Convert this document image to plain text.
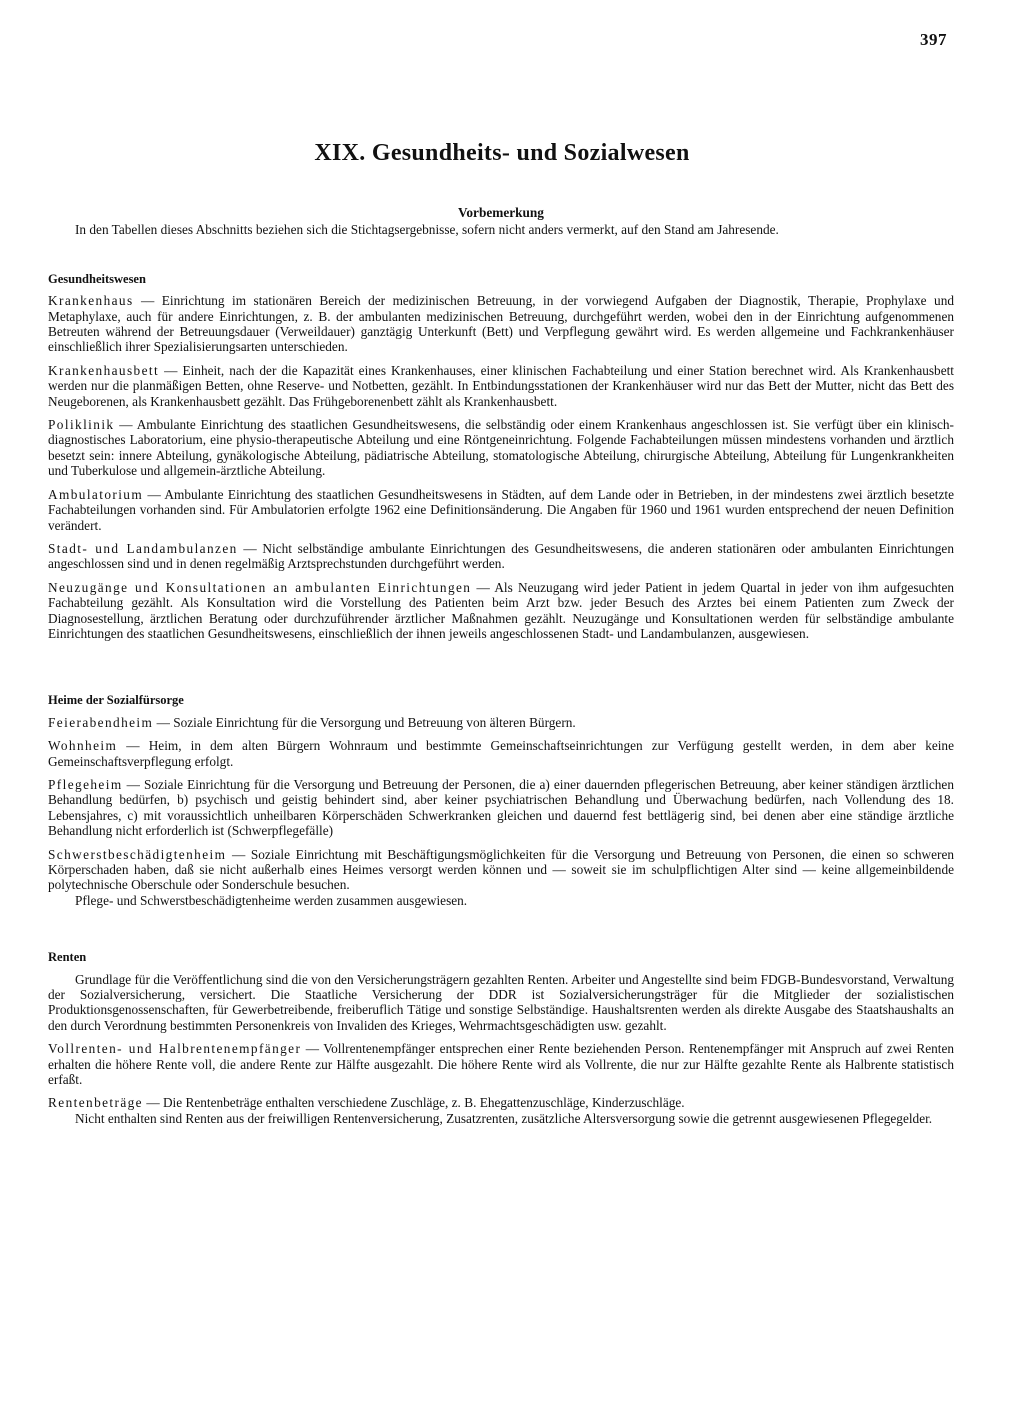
397
XIX. Gesundheits- und Sozialwesen

Vorbemerkung

In den Tabellen dieses Abschnitts beziehen sich die Stichtagsergebnisse, sofern nicht anders vermerkt, auf den Stand am Jahresende.

Gesundheitswesen

Krankenhaus — Einrichtung im stationären Bereich der medizinischen Betreuung, in der vorwiegend Aufgaben der Diagnostik, Therapie, Prophylaxe und Metaphylaxe, auch für andere Einrichtungen, z. B. der ambulanten medizinischen Betreuung, durchgeführt werden, wobei den in der Einrichtung aufgenommenen Betreuten während der Betreuungsdauer (Verweildauer) ganztägig Unterkunft (Bett) und Verpflegung gewährt wird. Es werden allgemeine und Fachkrankenhäuser einschließlich ihrer Spezialisierungsarten unterschieden.

Krankenhausbett — Einheit, nach der die Kapazität eines Krankenhauses, einer klinischen Fachabteilung und einer Station berechnet wird. Als Krankenhausbett werden nur die planmäßigen Betten, ohne Reserve- und Notbetten, gezählt. In Entbindungsstationen der Krankenhäuser wird nur das Bett der Mutter, nicht das Bett des Neugeborenen, als Krankenhausbett gezählt. Das Frühgeborenenbett zählt als Krankenhausbett.

Poliklinik — Ambulante Einrichtung des staatlichen Gesundheitswesens, die selbständig oder einem Krankenhaus angeschlossen ist. Sie verfügt über ein klinisch-diagnostisches Laboratorium, eine physio-therapeutische Abteilung und eine Röntgeneinrichtung. Folgende Fachabteilungen müssen mindestens vorhanden und ärztlich besetzt sein: innere Abteilung, gynäkologische Abteilung, pädiatrische Abteilung, stomatologische Abteilung, chirurgische Abteilung, Abteilung für Lungenkrankheiten und Tuberkulose und allgemein-ärztliche Abteilung.

Ambulatorium — Ambulante Einrichtung des staatlichen Gesundheitswesens in Städten, auf dem Lande oder in Betrieben, in der mindestens zwei ärztlich besetzte Fachabteilungen vorhanden sind. Für Ambulatorien erfolgte 1962 eine Definitionsänderung. Die Angaben für 1960 und 1961 wurden entsprechend der neuen Definition verändert.

Stadt- und Landambulanzen — Nicht selbständige ambulante Einrichtungen des Gesundheitswesens, die anderen stationären oder ambulanten Einrichtungen angeschlossen sind und in denen regelmäßig Arztsprechstunden durchgeführt werden.

Neuzugänge und Konsultationen an ambulanten Einrichtungen — Als Neuzugang wird jeder Patient in jedem Quartal in jeder von ihm aufgesuchten Fachabteilung gezählt. Als Konsultation wird die Vorstellung des Patienten beim Arzt bzw. jeder Besuch des Arztes bei einem Patienten zum Zweck der Diagnosestellung, ärztlichen Beratung oder durchzuführender ärztlicher Maßnahmen gezählt. Neuzugänge und Konsultationen werden für selbständige ambulante Einrichtungen des staatlichen Gesundheitswesens, einschließlich der ihnen jeweils angeschlossenen Stadt- und Landambulanzen, ausgewiesen.

Heime der Sozialfürsorge

Feierabendheim — Soziale Einrichtung für die Versorgung und Betreuung von älteren Bürgern.

Wohnheim — Heim, in dem alten Bürgern Wohnraum und bestimmte Gemeinschaftseinrichtungen zur Verfügung gestellt werden, in dem aber keine Gemeinschaftsverpflegung erfolgt.

Pflegeheim — Soziale Einrichtung für die Versorgung und Betreuung der Personen, die a) einer dauernden pflegerischen Betreuung, aber keiner ständigen ärztlichen Behandlung bedürfen, b) psychisch und geistig behindert sind, aber keiner psychiatrischen Behandlung und Überwachung bedürfen, nach Vollendung des 18. Lebensjahres, c) mit voraussichtlich unheilbaren Körperschäden Schwerkranken gleichen und dauernd fest bettlägerig sind, bei denen aber eine ständige ärztliche Behandlung nicht erforderlich ist (Schwerpflegefälle)

Schwerstbeschädigtenheim — Soziale Einrichtung mit Beschäftigungsmöglichkeiten für die Versorgung und Betreuung von Personen, die einen so schweren Körperschaden haben, daß sie nicht außerhalb eines Heimes versorgt werden können und — soweit sie im schulpflichtigen Alter sind — keine allgemeinbildende polytechnische Oberschule oder Sonderschule besuchen.

Pflege- und Schwerstbeschädigtenheime werden zusammen ausgewiesen.

Renten

Grundlage für die Veröffentlichung sind die von den Versicherungsträgern gezahlten Renten. Arbeiter und Angestellte sind beim FDGB-Bundesvorstand, Verwaltung der Sozialversicherung, versichert. Die Staatliche Versicherung der DDR ist Sozialversicherungsträger für die Mitglieder der sozialistischen Produktionsgenossenschaften, für Gewerbetreibende, freiberuflich Tätige und sonstige Selbständige. Haushaltsrenten werden als direkte Ausgabe des Staatshaushalts an den durch Verordnung bestimmten Personenkreis von Invaliden des Krieges, Wehrmachtsgeschädigten usw. gezahlt.

Vollrenten- und Halbrentenempfänger — Vollrentenempfänger entsprechen einer Rente beziehenden Person. Rentenempfänger mit Anspruch auf zwei Renten erhalten die höhere Rente voll, die andere Rente zur Hälfte ausgezahlt. Die höhere Rente wird als Vollrente, die nur zur Hälfte gezahlte Rente als Halbrente statistisch erfaßt.

Rentenbeträge — Die Rentenbeträge enthalten verschiedene Zuschläge, z. B. Ehegattenzuschläge, Kinderzuschläge.

Nicht enthalten sind Renten aus der freiwilligen Rentenversicherung, Zusatzrenten, zusätzliche Altersversorgung sowie die getrennt ausgewiesenen Pflegegelder.
